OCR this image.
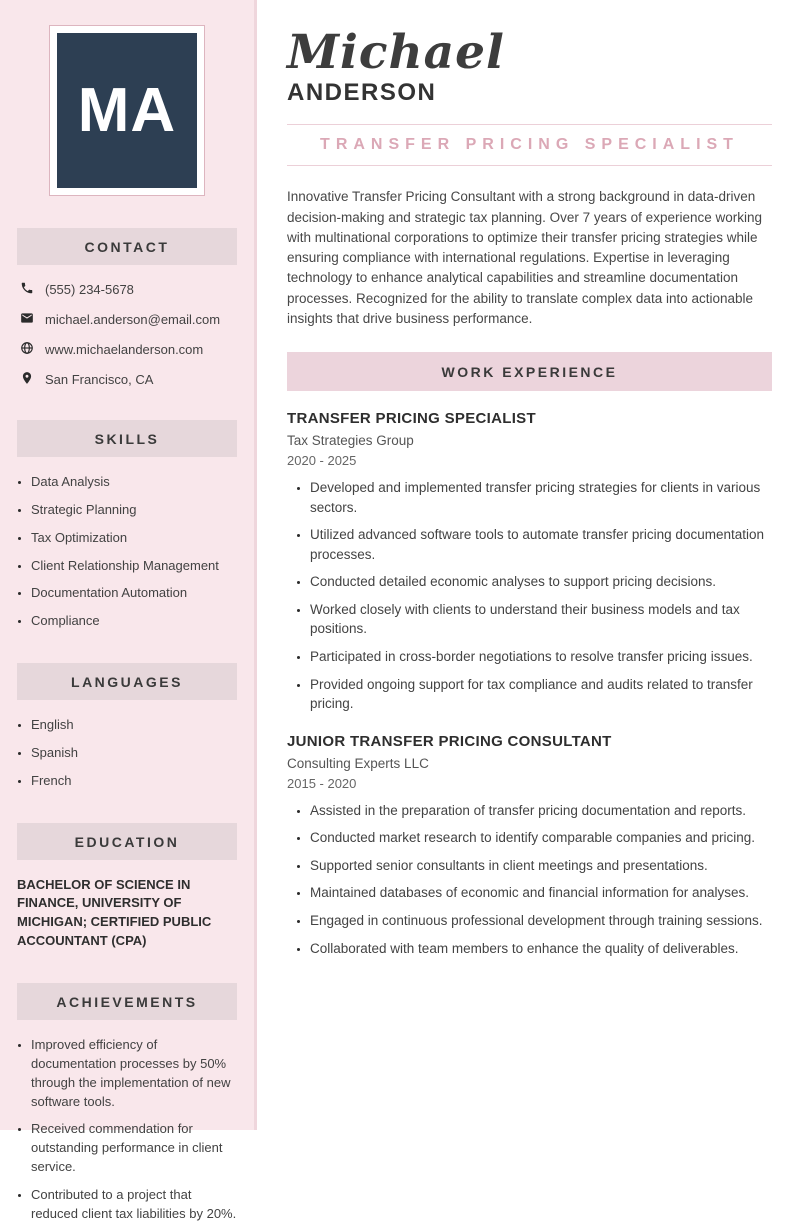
MA
CONTACT
(555) 234-5678
michael.anderson@email.com
www.michaelanderson.com
San Francisco, CA
SKILLS
• Data Analysis
• Strategic Planning
• Tax Optimization
• Client Relationship Management
• Documentation Automation
• Compliance
LANGUAGES
• English
• Spanish
• French
EDUCATION
BACHELOR OF SCIENCE IN FINANCE, UNIVERSITY OF MICHIGAN; CERTIFIED PUBLIC ACCOUNTANT (CPA)
ACHIEVEMENTS
• Improved efficiency of documentation processes by 50% through the implementation of new software tools.
• Received commendation for outstanding performance in client service.
• Contributed to a project that reduced client tax liabilities by 20%.
Michael
ANDERSON
TRANSFER PRICING SPECIALIST

Innovative Transfer Pricing Consultant with a strong background in data-driven decision-making and strategic tax planning. Over 7 years of experience working with multinational corporations to optimize their transfer pricing strategies while ensuring compliance with international regulations. Expertise in leveraging technology to enhance analytical capabilities and streamline documentation processes. Recognized for the ability to translate complex data into actionable insights that drive business performance.

WORK EXPERIENCE
TRANSFER PRICING SPECIALIST
Tax Strategies Group
2020 - 2025
• Developed and implemented transfer pricing strategies for clients in various sectors.
• Utilized advanced software tools to automate transfer pricing documentation processes.
• Conducted detailed economic analyses to support pricing decisions.
• Worked closely with clients to understand their business models and tax positions.
• Participated in cross-border negotiations to resolve transfer pricing issues.
• Provided ongoing support for tax compliance and audits related to transfer pricing.
JUNIOR TRANSFER PRICING CONSULTANT
Consulting Experts LLC
2015 - 2020
• Assisted in the preparation of transfer pricing documentation and reports.
• Conducted market research to identify comparable companies and pricing.
• Supported senior consultants in client meetings and presentations.
• Maintained databases of economic and financial information for analyses.
• Engaged in continuous professional development through training sessions.
• Collaborated with team members to enhance the quality of deliverables.
